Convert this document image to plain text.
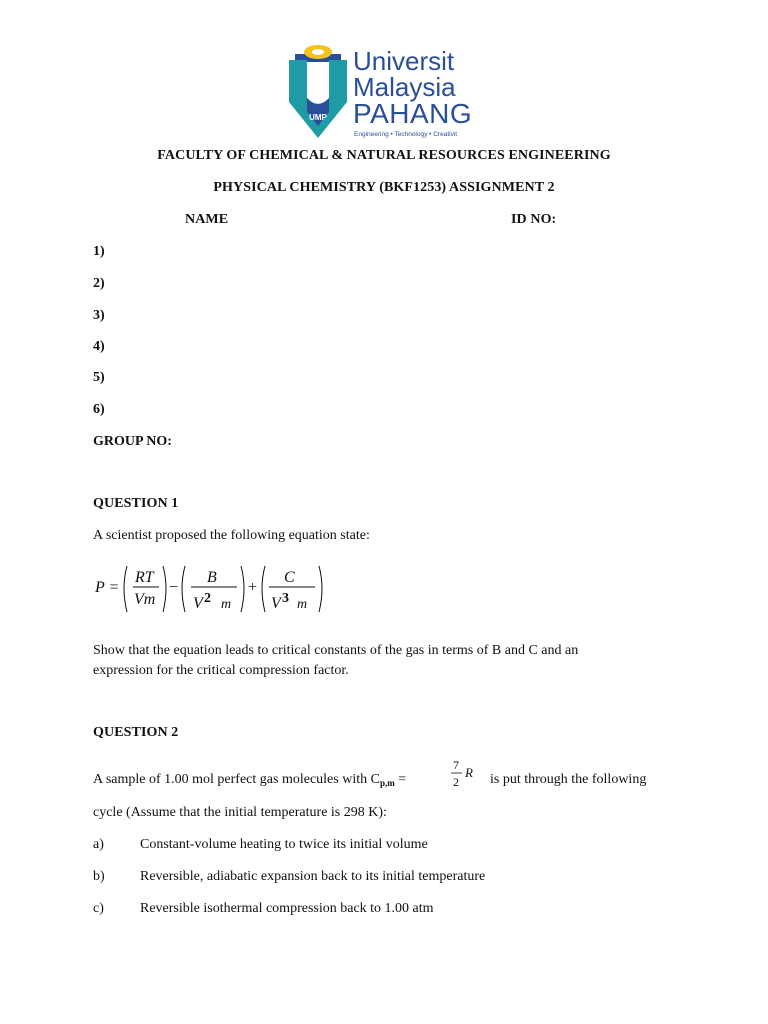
UMP
Universit
Malaysia
PAHANG
Engineering • Technology • Creativit
FACULTY OF CHEMICAL & NATURAL RESOURCES ENGINEERING
PHYSICAL CHEMISTRY (BKF1253) ASSIGNMENT 2
NAME	ID NO:
1)
2)
3)
4)
5)
6)
GROUP NO:
QUESTION 1
A scientist proposed the following equation state:
P =
RT
Vm
−
B
V 2 m
+
C
V 3 m
Show that the equation leads to critical constants of the gas in terms of B and C and an
expression for the critical compression factor.
QUESTION 2
A sample of 1.00 mol perfect gas molecules with $C_{p,m}$ =
7
2
R is put through the following
cycle (Assume that the initial temperature is 298 K):
a)	Constant-volume heating to twice its initial volume
b)	Reversible, adiabatic expansion back to its initial temperature
c)	Reversible isothermal compression back to 1.00 atm
